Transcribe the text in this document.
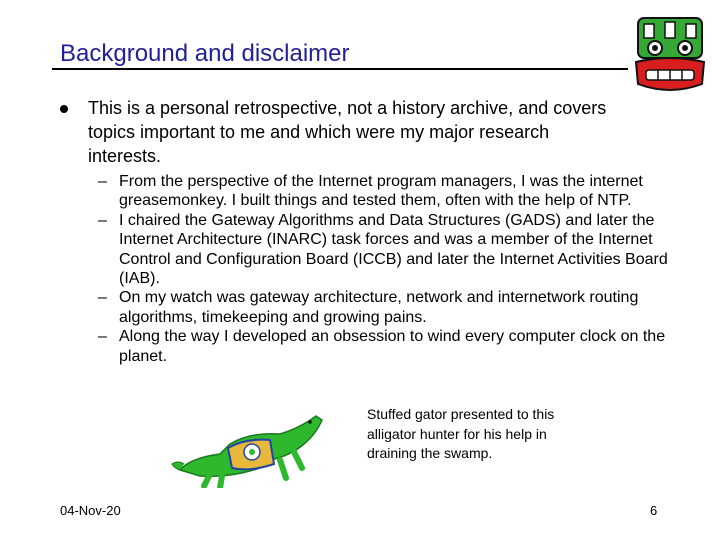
Background and disclaimer
This is a personal retrospective, not a history archive, and covers topics important to me and which were my major research interests.
– From the perspective of the Internet program managers, I was the internet greasemonkey. I built things and tested them, often with the help of NTP.
– I chaired the Gateway Algorithms and Data Structures (GADS) and later the Internet Architecture (INARC) task forces and was a member of the Internet Control and Configuration Board (ICCB) and later the Internet Activities Board (IAB).
– On my watch was gateway architecture, network and internetwork routing algorithms, timekeeping and growing pains.
– Along the way I developed an obsession to wind every computer clock on the planet.
Stuffed gator presented to this alligator hunter for his help in draining the swamp.
04-Nov-20	6
